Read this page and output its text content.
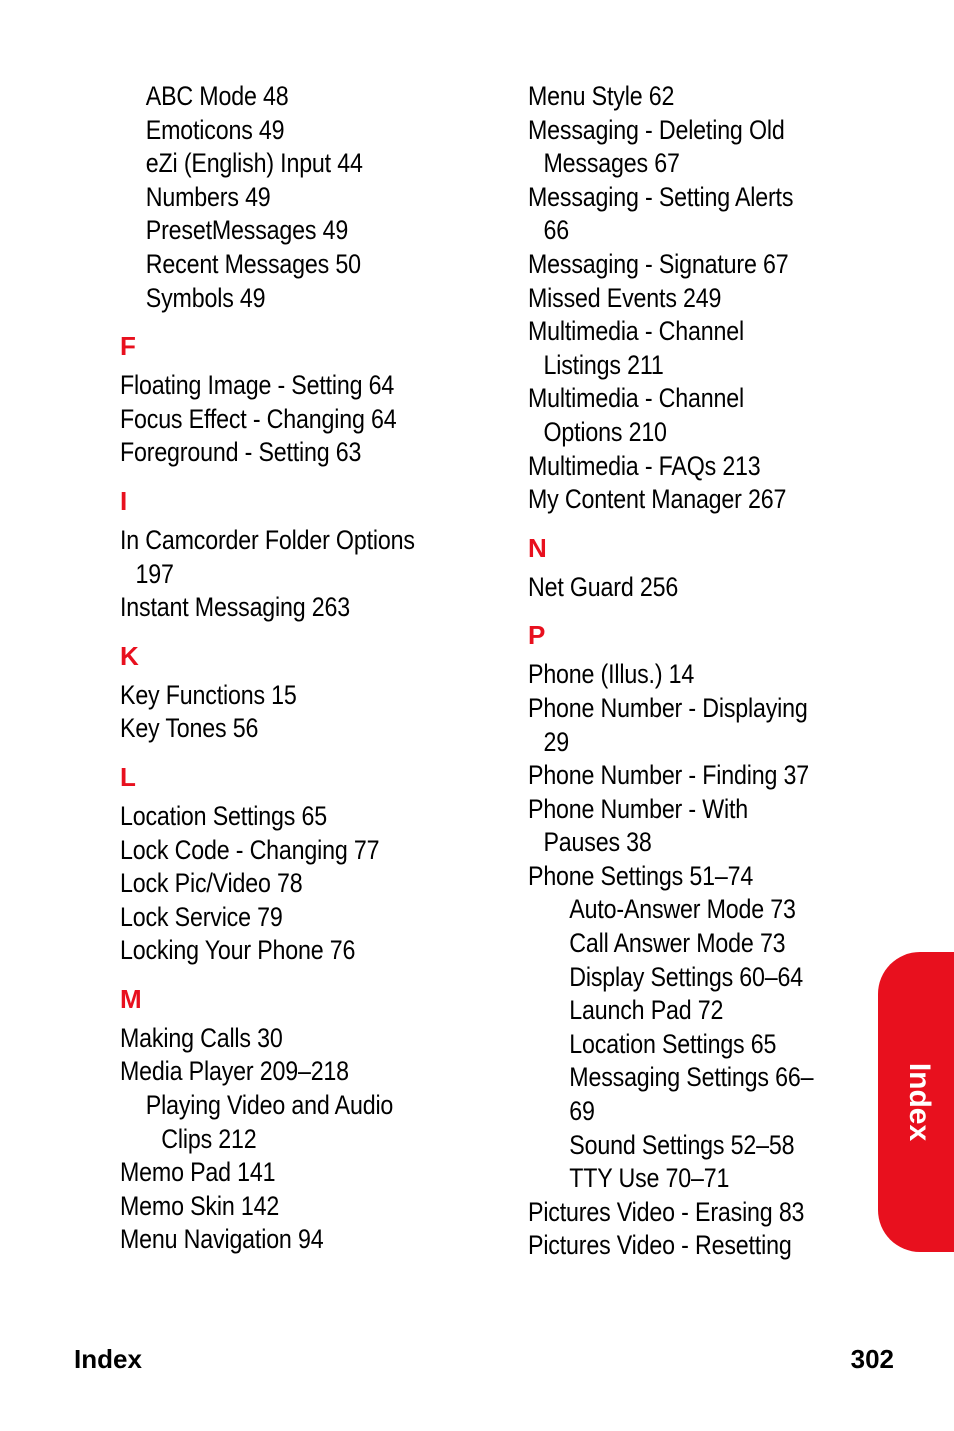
ABC Mode 48
Emoticons 49
eZi (English) Input 44
Numbers 49
PresetMessages 49
Recent Messages 50
Symbols 49
F
Floating Image - Setting 64
Focus Effect - Changing 64
Foreground - Setting 63
I
In Camcorder Folder Options
197
Instant Messaging 263
K
Key Functions 15
Key Tones 56
L
Location Settings 65
Lock Code - Changing 77
Lock Pic/Video 78
Lock Service 79
Locking Your Phone 76
M
Making Calls 30
Media Player 209–218
Playing Video and Audio
Clips 212
Memo Pad 141
Memo Skin 142
Menu Navigation 94
Menu Style 62
Messaging - Deleting Old
Messages 67
Messaging - Setting Alerts
66
Messaging - Signature 67
Missed Events 249
Multimedia - Channel
Listings 211
Multimedia - Channel
Options 210
Multimedia - FAQs 213
My Content Manager 267
N
Net Guard 256
P
Phone (Illus.) 14
Phone Number - Displaying
29
Phone Number - Finding 37
Phone Number - With
Pauses 38
Phone Settings 51–74
Auto-Answer Mode 73
Call Answer Mode 73
Display Settings 60–64
Launch Pad 72
Location Settings 65
Messaging Settings 66–
69
Sound Settings 52–58
TTY Use 70–71
Pictures Video - Erasing 83
Pictures Video - Resetting
Index
Index	302
